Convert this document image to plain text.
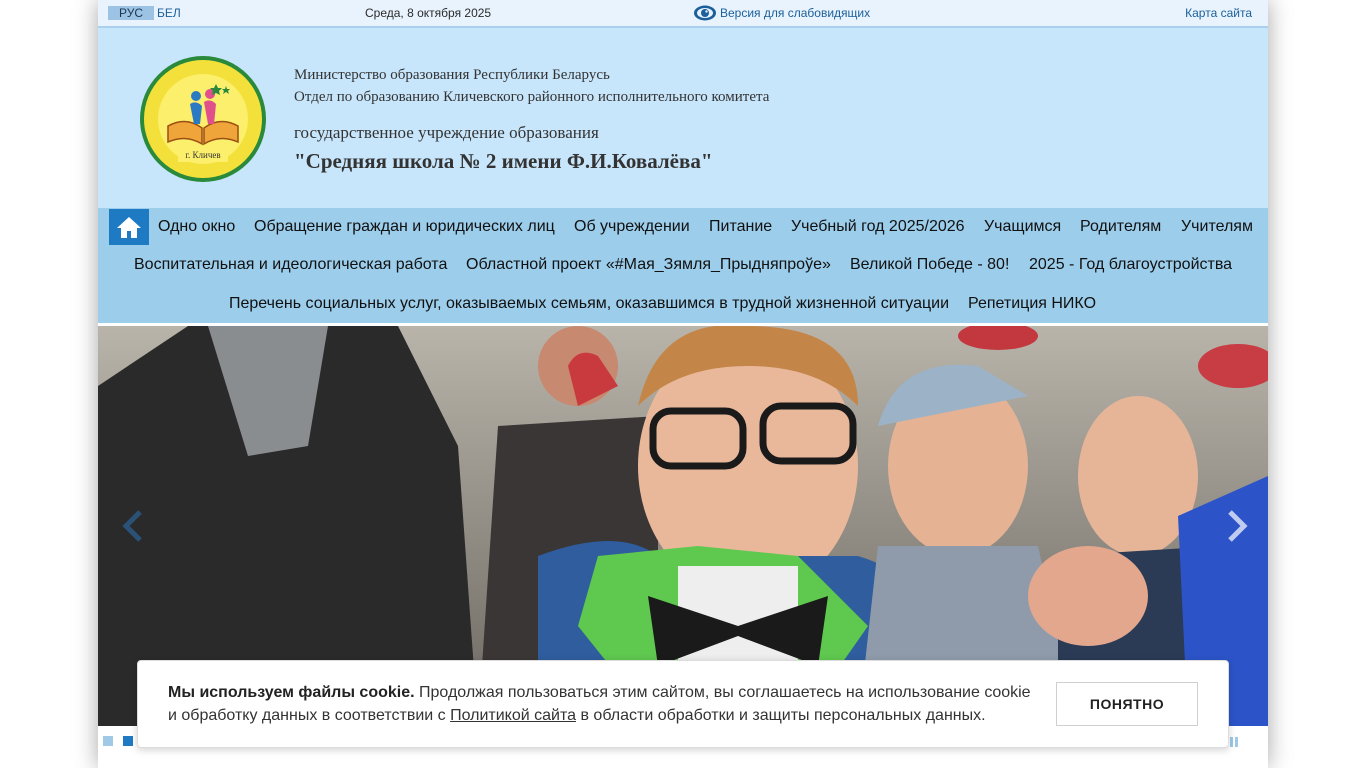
РУС	БЕЛ	Среда, 8 октября 2025	Версия для слабовидящих	Карта сайта
г. Кличев
Министерство образования Республики Беларусь
Отдел по образованию Кличевского районного исполнительного комитета
государственное учреждение образования
"Средняя школа № 2 имени Ф.И.Ковалёва"
Одно окно Обращение граждан и юридических лиц Об учреждении Питание Учебный год 2025/2026 Учащимся Родителям Учителям
Воспитательная и идеологическая работа Областной проект «#Мая_Зямля_Прыдняпроўе» Великой Победе - 80! 2025 - Год благоустройства
Перечень социальных услуг, оказываемых семьям, оказавшимся в трудной жизненной ситуации Репетиция НИКО
Мы используем файлы cookie. Продолжая пользоваться этим сайтом, вы соглашаетесь на использование cookie и обработку данных в соответствии с Политикой сайта в области обработки и защиты персональных данных.
ПОНЯТНО
